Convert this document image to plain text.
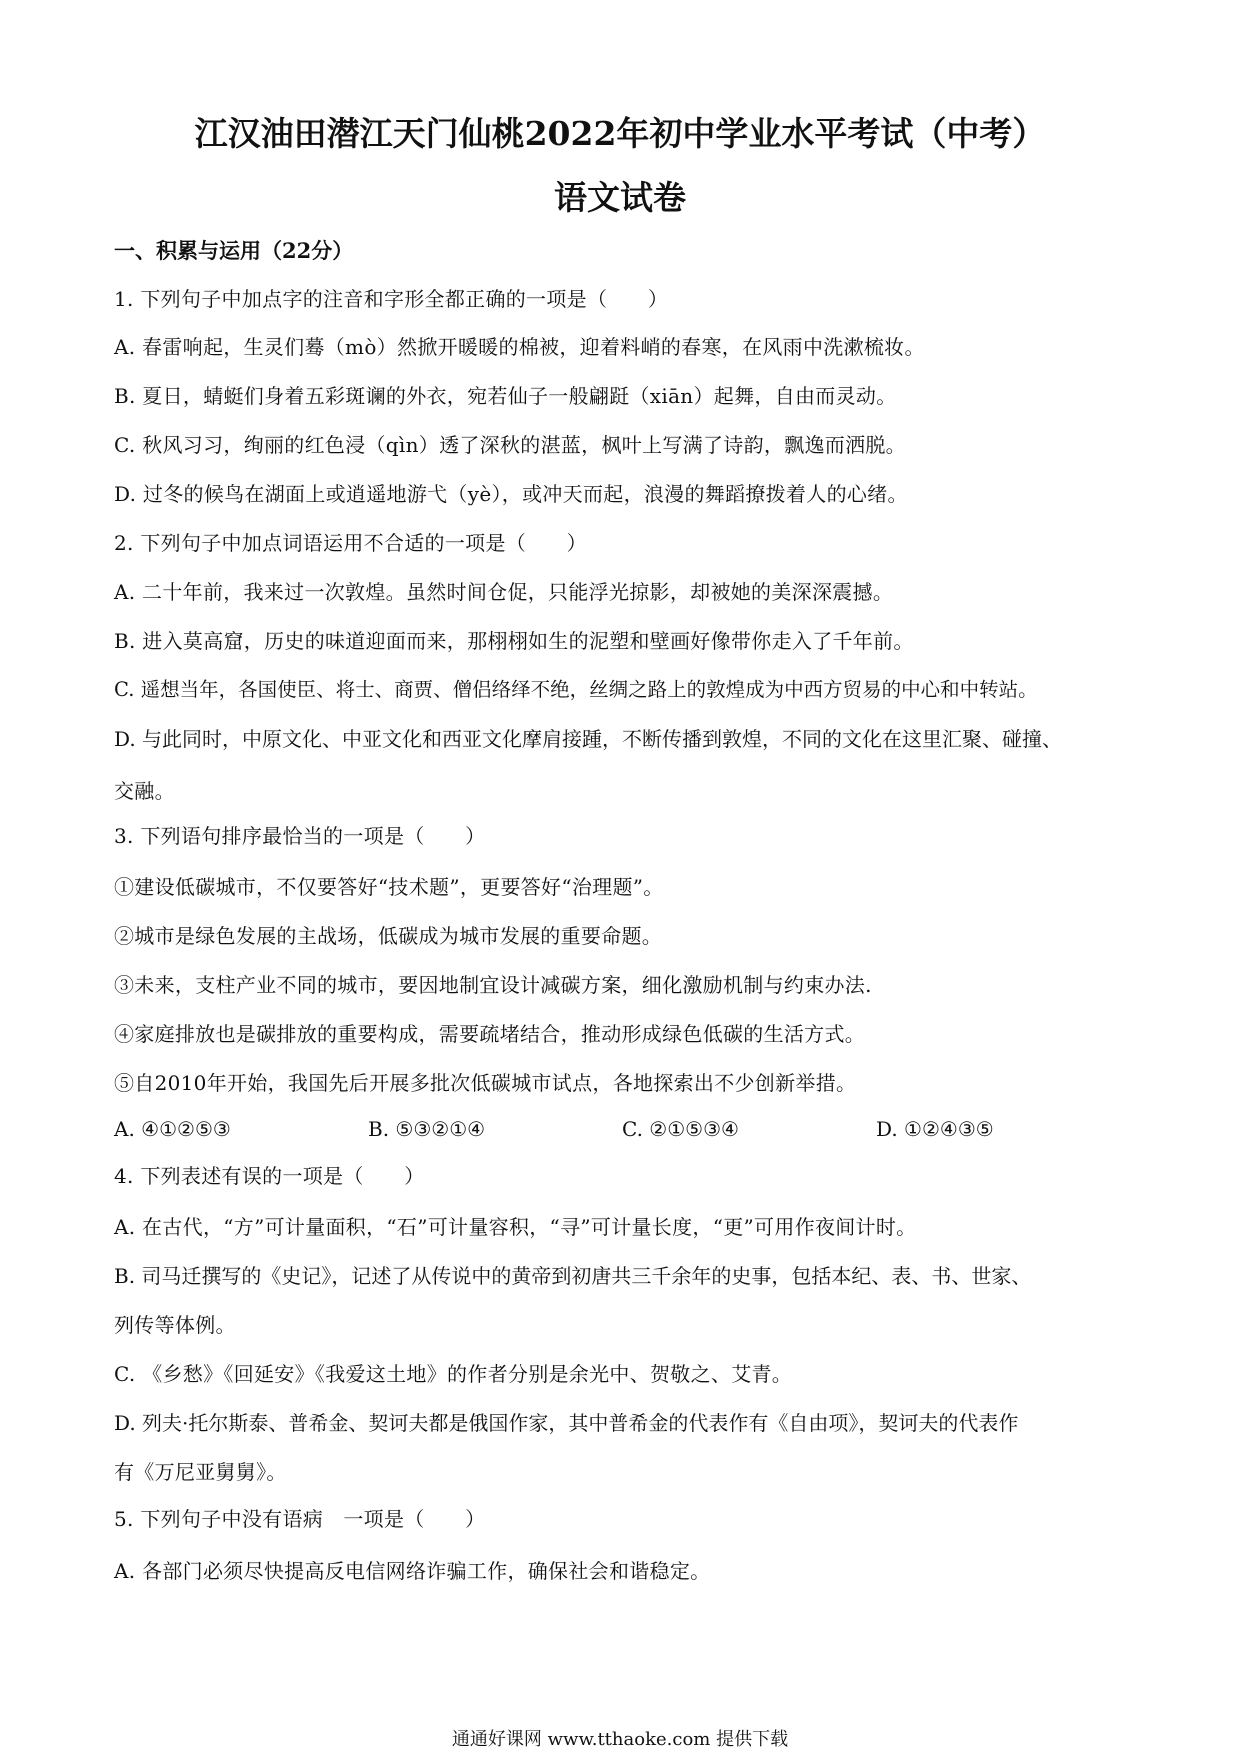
江汉油田潜江天门仙桃2022年初中学业水平考试（中考）
语文试卷
一、积累与运用（22分）
1. 下列句子中加点字的注音和字形全都正确的一项是（　　）
A. 春雷响起，生灵们蓦（mò）然掀开暖暖的棉被，迎着料峭的春寒，在风雨中洗漱梳妆。
B. 夏日，蜻蜓们身着五彩斑谰的外衣，宛若仙子一般翩跹（xiān）起舞，自由而灵动。
C. 秋风习习，绚丽的红色浸（qìn）透了深秋的湛蓝，枫叶上写满了诗韵，飘逸而洒脱。
D. 过冬的候鸟在湖面上或逍遥地游弋（yè），或冲天而起，浪漫的舞蹈撩拨着人的心绪。
2. 下列句子中加点词语运用不合适的一项是（　　）
A. 二十年前，我来过一次敦煌。虽然时间仓促，只能浮光掠影，却被她的美深深震撼。
B. 进入莫高窟，历史的味道迎面而来，那栩栩如生的泥塑和壁画好像带你走入了千年前。
C. 遥想当年，各国使臣、将士、商贾、僧侣络绎不绝，丝绸之路上的敦煌成为中西方贸易的中心和中转站。
D. 与此同时，中原文化、中亚文化和西亚文化摩肩接踵，不断传播到敦煌，不同的文化在这里汇聚、碰撞、
交融。
3. 下列语句排序最恰当的一项是（　　）
①建设低碳城市，不仅要答好“技术题”，更要答好“治理题”。
②城市是绿色发展的主战场，低碳成为城市发展的重要命题。
③未来，支柱产业不同的城市，要因地制宜设计减碳方案，细化激励机制与约束办法.
④家庭排放也是碳排放的重要构成，需要疏堵结合，推动形成绿色低碳的生活方式。
⑤自2010年开始，我国先后开展多批次低碳城市试点，各地探索出不少创新举措。
A. ④①②⑤③	B. ⑤③②①④	C. ②①⑤③④	D. ①②④③⑤
4. 下列表述有误的一项是（　　）
A. 在古代，“方”可计量面积，“石”可计量容积，“寻”可计量长度，“更”可用作夜间计时。
B. 司马迁撰写的《史记》，记述了从传说中的黄帝到初唐共三千余年的史事，包括本纪、表、书、世家、
列传等体例。
C. 《乡愁》《回延安》《我爱这土地》的作者分别是余光中、贺敬之、艾青。
D. 列夫·托尔斯泰、普希金、契诃夫都是俄国作家，其中普希金的代表作有《自由项》，契诃夫的代表作
有《万尼亚舅舅》。
5. 下列句子中没有语病　一项是（　　）
A. 各部门必须尽快提高反电信网络诈骗工作，确保社会和谐稳定。
通通好课网 www.tthaoke.com 提供下载
